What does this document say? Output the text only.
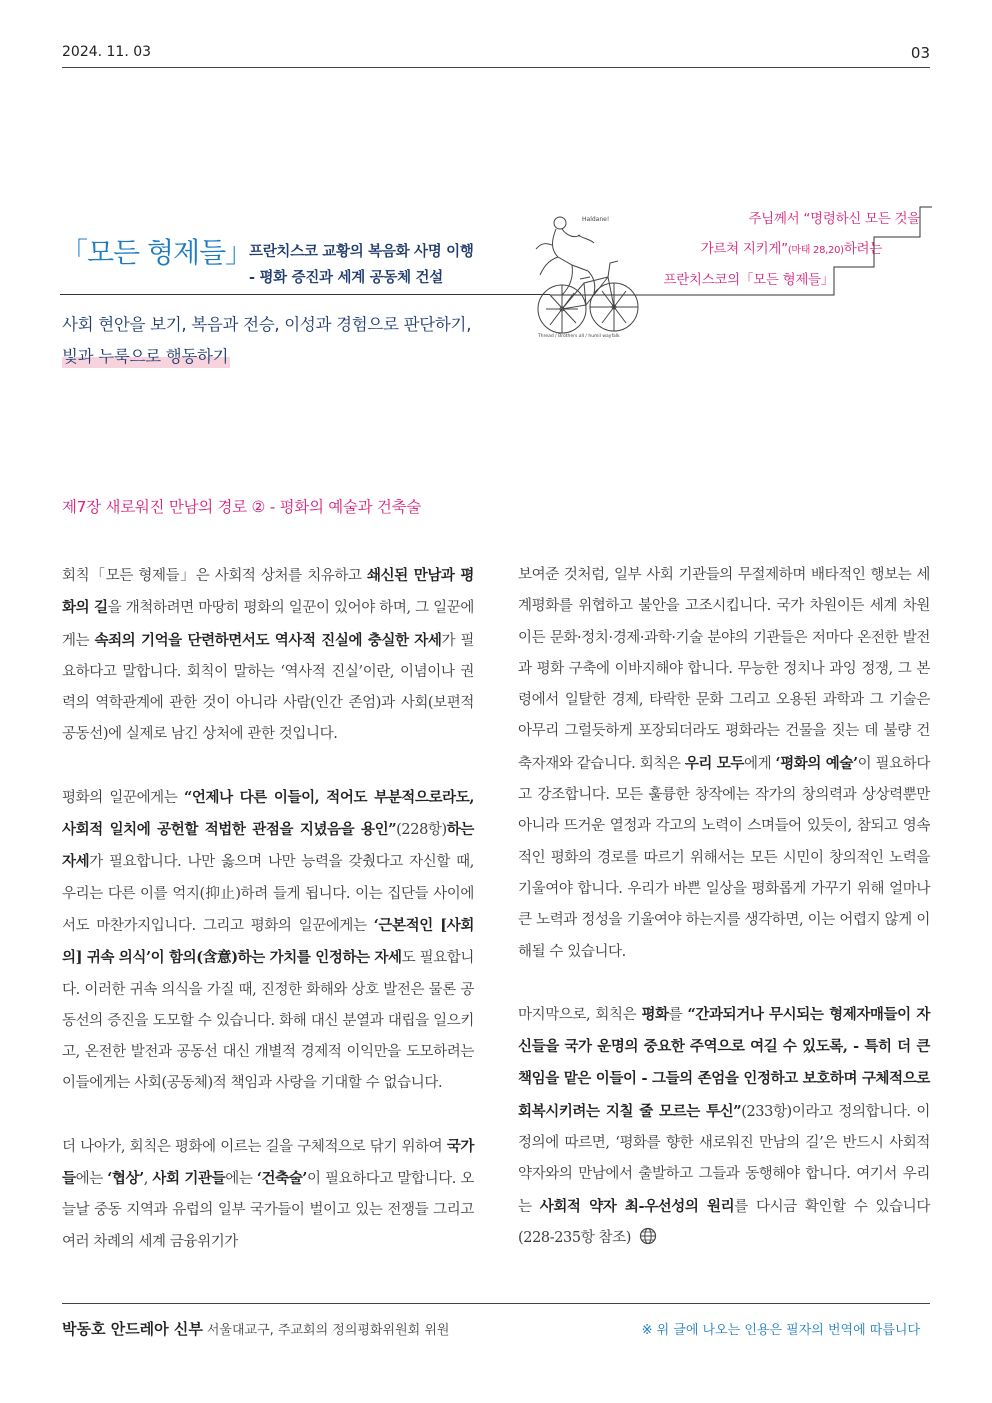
2024. 11. 03	03
「모든 형제들」
프란치스코 교황의 복음화 사명 이행
- 평화 증진과 세계 공동체 건설
사회 현안을 보기, 복음과 전승, 이성과 경험으로 판단하기,
빛과 누룩으로 행동하기
Haldane!
Thread / Brothers all / humil wayfalk
주님께서 “명령하신 모든 것을
가르쳐 지키게”(마태 28,20)하려는
프란치스코의「모든 형제들」
제7장 새로워진 만남의 경로 ② - 평화의 예술과 건축술

회칙「모든 형제들」은 사회적 상처를 치유하고 쇄신된 만남과 평화의 길을 개척하려면 마땅히 평화의 일꾼이 있어야 하며, 그 일꾼에게는 속죄의 기억을 단련하면서도 역사적 진실에 충실한 자세가 필요하다고 말합니다. 회칙이 말하는 ‘역사적 진실’이란, 이념이나 권력의 역학관계에 관한 것이 아니라 사람(인간 존엄)과 사회(보편적 공동선)에 실제로 남긴 상처에 관한 것입니다.

평화의 일꾼에게는 “언제나 다른 이들이, 적어도 부분적으로라도, 사회적 일치에 공헌할 적법한 관점을 지녔음을 용인”(228항)하는 자세가 필요합니다. 나만 옳으며 나만 능력을 갖췄다고 자신할 때, 우리는 다른 이를 억지(抑止)하려 들게 됩니다. 이는 집단들 사이에서도 마찬가지입니다. 그리고 평화의 일꾼에게는 ‘근본적인 [사회의] 귀속 의식’이 함의(含意)하는 가치를 인정하는 자세도 필요합니다. 이러한 귀속 의식을 가질 때, 진정한 화해와 상호 발전은 물론 공동선의 증진을 도모할 수 있습니다. 화해 대신 분열과 대립을 일으키고, 온전한 발전과 공동선 대신 개별적 경제적 이익만을 도모하려는 이들에게는 사회(공동체)적 책임과 사랑을 기대할 수 없습니다.

더 나아가, 회칙은 평화에 이르는 길을 구체적으로 닦기 위하여 국가들에는 ‘협상’, 사회 기관들에는 ‘건축술’이 필요하다고 말합니다. 오늘날 중동 지역과 유럽의 일부 국가들이 벌이고 있는 전쟁들 그리고 여러 차례의 세계 금융위기가

보여준 것처럼, 일부 사회 기관들의 무절제하며 배타적인 행보는 세계평화를 위협하고 불안을 고조시킵니다. 국가 차원이든 세계 차원이든 문화·정치·경제·과학·기술 분야의 기관들은 저마다 온전한 발전과 평화 구축에 이바지해야 합니다. 무능한 정치나 과잉 정쟁, 그 본령에서 일탈한 경제, 타락한 문화 그리고 오용된 과학과 그 기술은 아무리 그럴듯하게 포장되더라도 평화라는 건물을 짓는 데 불량 건축자재와 같습니다. 회칙은 우리 모두에게 ‘평화의 예술’이 필요하다고 강조합니다. 모든 훌륭한 창작에는 작가의 창의력과 상상력뿐만 아니라 뜨거운 열정과 각고의 노력이 스며들어 있듯이, 참되고 영속적인 평화의 경로를 따르기 위해서는 모든 시민이 창의적인 노력을 기울여야 합니다. 우리가 바쁜 일상을 평화롭게 가꾸기 위해 얼마나 큰 노력과 정성을 기울여야 하는지를 생각하면, 이는 어렵지 않게 이해될 수 있습니다.

마지막으로, 회칙은 평화를 “간과되거나 무시되는 형제자매들이 자신들을 국가 운명의 중요한 주역으로 여길 수 있도록, - 특히 더 큰 책임을 맡은 이들이 - 그들의 존엄을 인정하고 보호하며 구체적으로 회복시키려는 지칠 줄 모르는 투신”(233항)이라고 정의합니다. 이 정의에 따르면, ‘평화를 향한 새로워진 만남의 길’은 반드시 사회적 약자와의 만남에서 출발하고 그들과 동행해야 합니다. 여기서 우리는 사회적 약자 최-우선성의 원리를 다시금 확인할 수 있습니다(228-235항 참조)

박동호 안드레아 신부 서울대교구, 주교회의 정의평화위원회 위원	※ 위 글에 나오는 인용은 필자의 번역에 따릅니다
